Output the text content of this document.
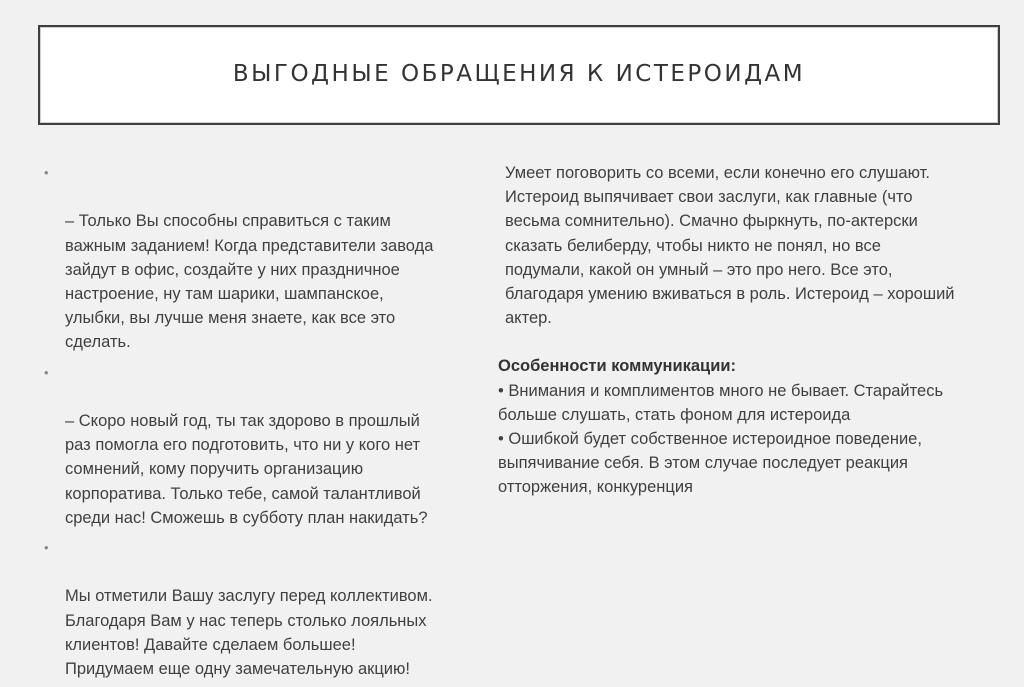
ВЫГОДНЫЕ ОБРАЩЕНИЯ К ИСТЕРОИДАМ

•

– Только Вы способны справиться с таким
важным заданием! Когда представители завода
зайдут в офис, создайте у них праздничное
настроение, ну там шарики, шампанское,
улыбки, вы лучше меня знаете, как все это
сделать.

•

– Скоро новый год, ты так здорово в прошлый
раз помогла его подготовить, что ни у кого нет
сомнений, кому поручить организацию
корпоратива. Только тебе, самой талантливой
среди нас! Сможешь в субботу план накидать?

•

Мы отметили Вашу заслугу перед коллективом.
Благодаря Вам у нас теперь столько лояльных
клиентов! Давайте сделаем большее!
Придумаем еще одну замечательную акцию!

Умеет поговорить со всеми, если конечно его слушают.
Истероид выпячивает свои заслуги, как главные (что
весьма сомнительно). Смачно фыркнуть, по-актерски
сказать белиберду, чтобы никто не понял, но все
подумали, какой он умный – это про него. Все это,
благодаря умению вживаться в роль. Истероид – хороший
актер.
Особенности коммуникации:
• Внимания и комплиментов много не бывает. Старайтесь
больше слушать, стать фоном для истероида
• Ошибкой будет собственное истероидное поведение,
выпячивание себя. В этом случае последует реакция
отторжения, конкуренция
